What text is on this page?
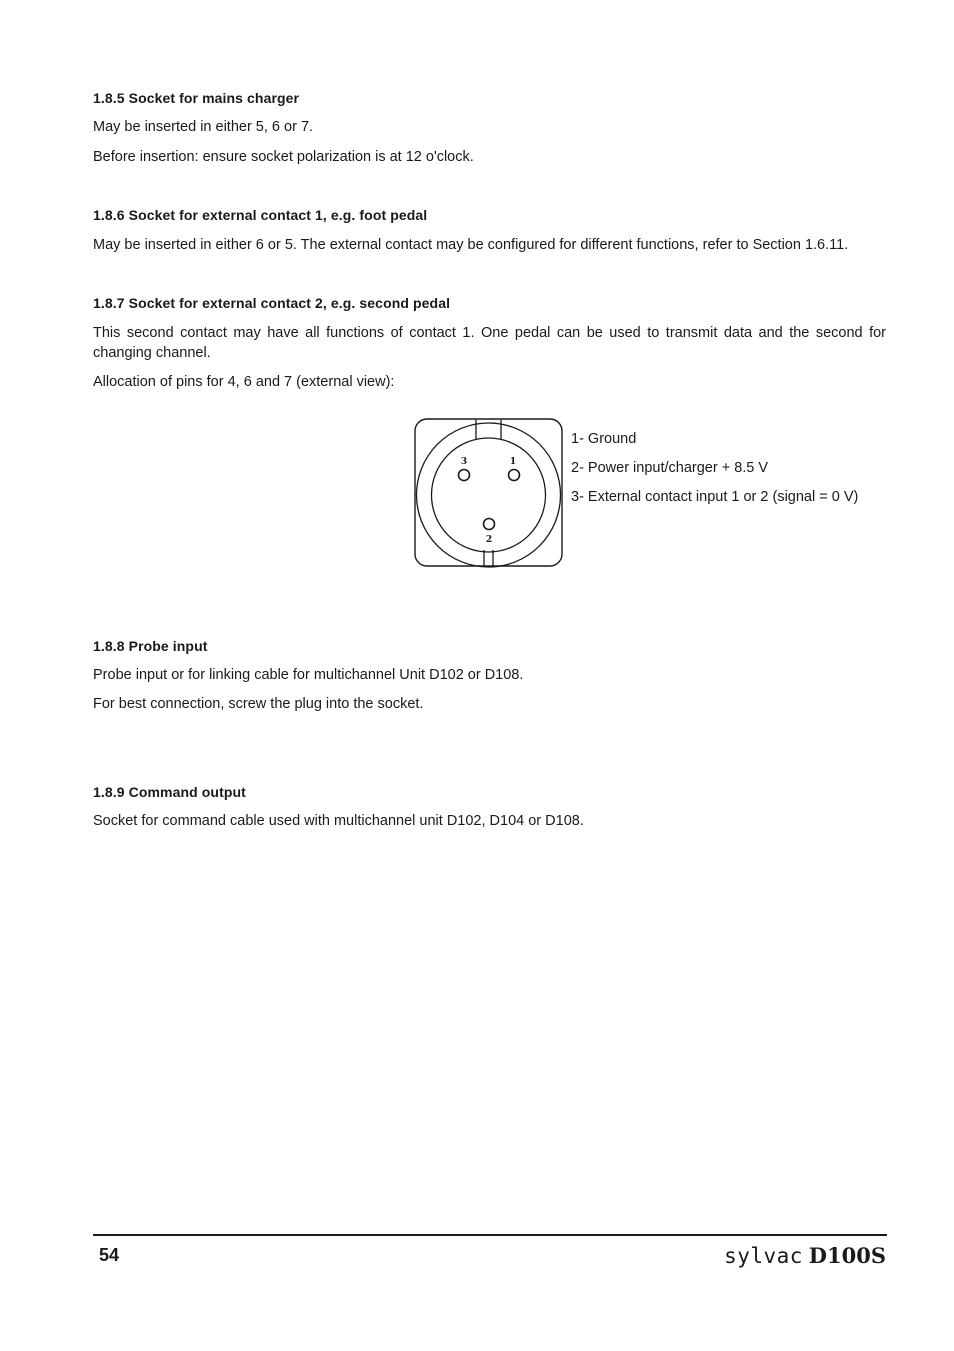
1.8.5 Socket for mains charger
May be inserted in either 5, 6 or 7.
Before insertion: ensure socket polarization is at 12 o'clock.
1.8.6 Socket for external contact 1, e.g. foot pedal
May be inserted in either 6 or 5. The external contact may be configured for different functions, refer to Section 1.6.11.
1.8.7 Socket for external contact 2, e.g. second pedal
This second contact may have all functions of contact 1. One pedal can be used to transmit data and the second for changing channel.
Allocation of pins for 4, 6 and 7 (external view):
3	1
2
1- Ground
2- Power input/charger + 8.5 V
3- External contact input 1 or 2 (signal = 0 V)
1.8.8 Probe input
Probe input or for linking cable for multichannel Unit D102 or D108.
For best connection, screw the plug into the socket.
1.8.9 Command output
Socket for command cable used with multichannel unit D102, D104 or D108.
54	sylvac D100S
